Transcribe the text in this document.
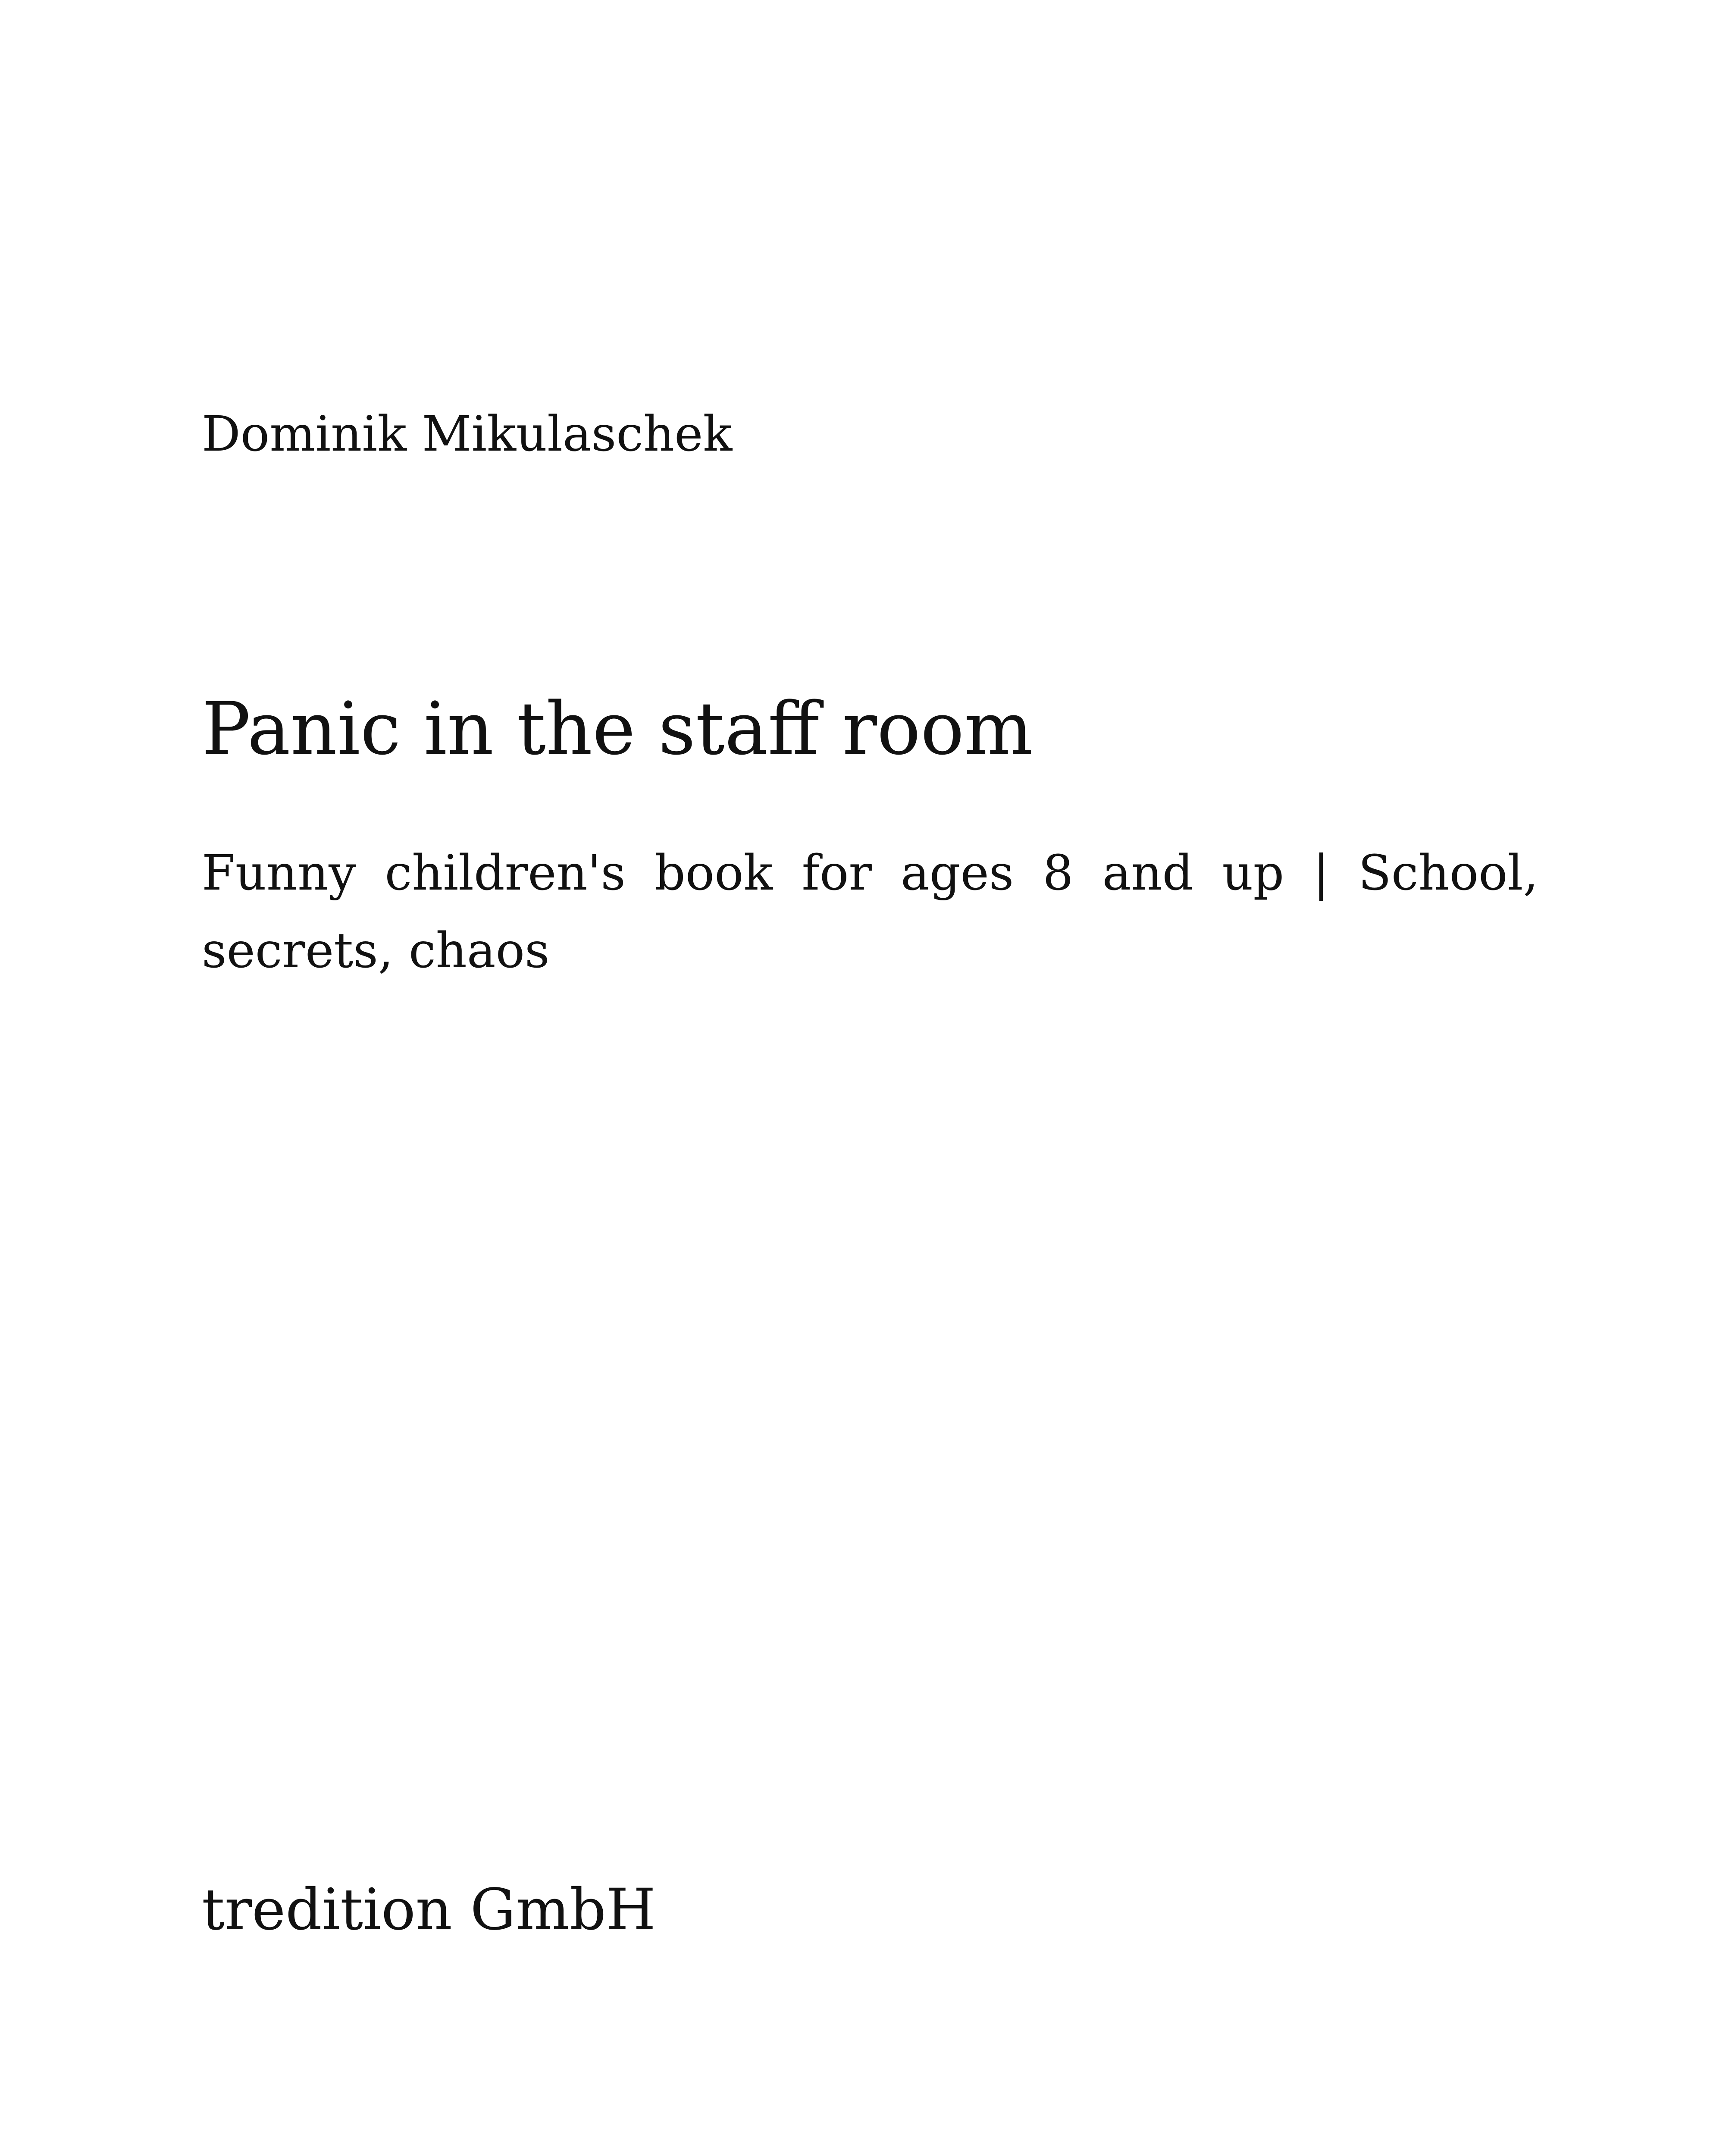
Dominik Mikulaschek
Panic in the staff room
Funny children's book for ages 8 and up | School, secrets, chaos
tredition GmbH
